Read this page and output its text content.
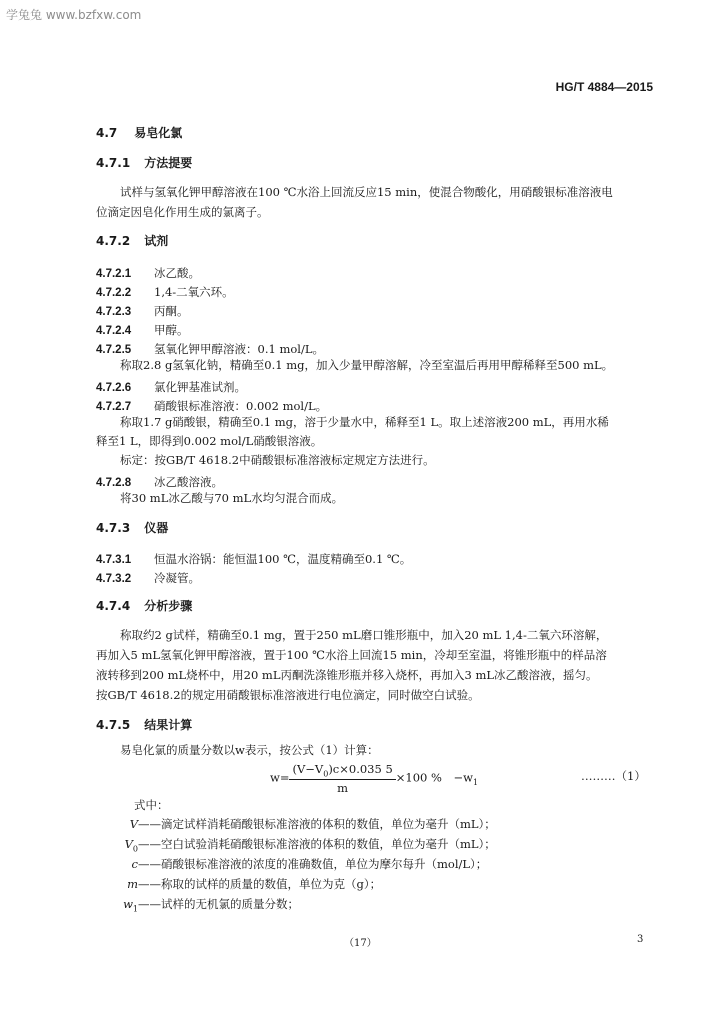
学兔兔 www.bzfxw.com
HG/T 4884—2015
4.7 易皂化氯
4.7.1 方法提要
试样与氢氧化钾甲醇溶液在100 ℃水浴上回流反应15 min，使混合物酸化，用硝酸银标准溶液电
位滴定因皂化作用生成的氯离子。
4.7.2 试剂
4.7.2.1 冰乙酸。
4.7.2.2 1,4-二氧六环。
4.7.2.3 丙酮。
4.7.2.4 甲醇。
4.7.2.5 氢氧化钾甲醇溶液：0.1 mol/L。
称取2.8 g氢氧化钠，精确至0.1 mg，加入少量甲醇溶解，冷至室温后再用甲醇稀释至500 mL。
4.7.2.6 氯化钾基准试剂。
4.7.2.7 硝酸银标准溶液：0.002 mol/L。
称取1.7 g硝酸银，精确至0.1 mg，溶于少量水中，稀释至1 L。取上述溶液200 mL，再用水稀
释至1 L，即得到0.002 mol/L硝酸银溶液。
标定：按GB/T 4618.2中硝酸银标准溶液标定规定方法进行。
4.7.2.8 冰乙酸溶液。
将30 mL冰乙酸与70 mL水均匀混合而成。
4.7.3 仪器
4.7.3.1 恒温水浴锅：能恒温100 ℃，温度精确至0.1 ℃。
4.7.3.2 冷凝管。
4.7.4 分析步骤
称取约2 g试样，精确至0.1 mg，置于250 mL磨口锥形瓶中，加入20 mL 1,4-二氧六环溶解，
再加入5 mL氢氧化钾甲醇溶液，置于100 ℃水浴上回流15 min，冷却至室温，将锥形瓶中的样品溶
液转移到200 mL烧杯中，用20 mL丙酮洗涤锥形瓶并移入烧杯，再加入3 mL冰乙酸溶液，摇匀。
按GB/T 4618.2的规定用硝酸银标准溶液进行电位滴定，同时做空白试验。
4.7.5 结果计算
易皂化氯的质量分数以w表示，按公式（1）计算：
$w= \frac{(V-V_0)c\times 0.035 5}{m} \times 100$ %　$-w_1$	………（1）
式中：
V——滴定试样消耗硝酸银标准溶液的体积的数值，单位为毫升（mL）；
$V_0——$空白试验消耗硝酸银标准溶液的体积的数值，单位为毫升（mL）；
c——硝酸银标准溶液的浓度的准确数值，单位为摩尔每升（mol/L）；
m——称取的试样的质量的数值，单位为克（g）；
$w_1——$试样的无机氯的质量分数；
（17）	3
